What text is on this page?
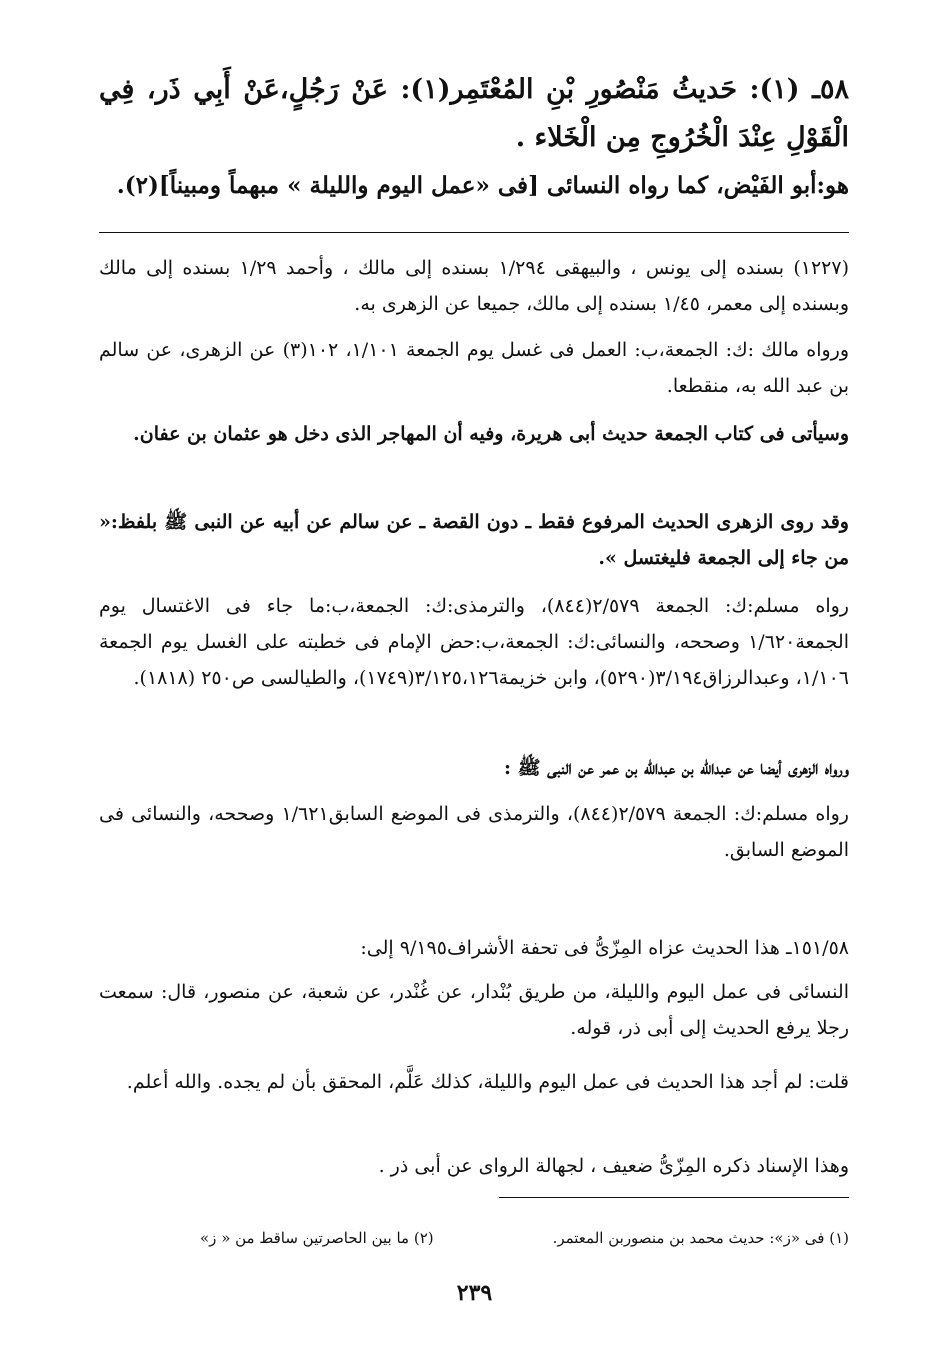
٥٨ـ (١): حَديثُ مَنْصُورِ بْنِ المُعْتَمِر(١): عَنْ رَجُلٍ،عَنْ أَبِي ذَر، فِي الْقَوْلِ عِنْدَ الْخُرُوجِ مِن الْخَلاء .
هو:أبو الفَيْض، كما رواه النسائى [فى «عمل اليوم والليلة » مبهماً ومبيناً](٢).
(١٢٢٧) بسنده إلى يونس ، والبيهقى ١/٢٩٤ بسنده إلى مالك ، وأحمد ١/٢٩ بسنده إلى مالك وبسنده إلى معمر، ١/٤٥ بسنده إلى مالك، جميعا عن الزهرى به.
ورواه مالك :ك: الجمعة،ب: العمل فى غسل يوم الجمعة ١/١٠١، ١٠٢(٣) عن الزهرى، عن سالم بن عبد الله به، منقطعا.
وسيأتى فى كتاب الجمعة حديث أبى هريرة، وفيه أن المهاجر الذى دخل هو عثمان بن عفان.
وقد روى الزهرى الحديث المرفوع فقط ـ دون القصة ـ عن سالم عن أبيه عن النبى ﷺ بلفظ:« من جاء إلى الجمعة فليغتسل ».
رواه مسلم:ك: الجمعة ٢/٥٧٩(٨٤٤)، والترمذى:ك: الجمعة،ب:ما جاء فى الاغتسال يوم الجمعة١/٦٢٠ وصححه، والنسائى:ك: الجمعة،ب:حض الإمام فى خطبته على الغسل يوم الجمعة ١/١٠٦، وعبدالرزاق٣/١٩٤(٥٢٩٠)، وابن خزيمة٣/١٢٥،١٢٦(١٧٤٩)، والطيالسى ص٢٥٠ (١٨١٨).
ورواه الزهرى أيضا عن عبدالله بن عبدالله بن عمر عن النبى ﷺ :
رواه مسلم:ك: الجمعة ٢/٥٧٩(٨٤٤)، والترمذى فى الموضع السابق١/٦٢١ وصححه، والنسائى فى الموضع السابق.
١٥١/٥٨ـ هذا الحديث عزاه المِزّىُّ فى تحفة الأشراف٩/١٩٥ إلى:
النسائى فى عمل اليوم والليلة، من طريق بُنْدار، عن غُنْدر، عن شعبة، عن منصور، قال: سمعت رجلا يرفع الحديث إلى أبى ذر، قوله.
قلت: لم أجد هذا الحديث فى عمل اليوم والليلة، كذلك عَلَّم، المحقق بأن لم يجده. والله أعلم.
وهذا الإسناد ذكره المِزّىُّ ضعيف ، لجهالة الرواى عن أبى ذر .
(١) فى «ز»: حديث محمد بن منصوربن المعتمر.
(٢) ما بين الحاصرتين ساقط من « ز»
٢٣٩
